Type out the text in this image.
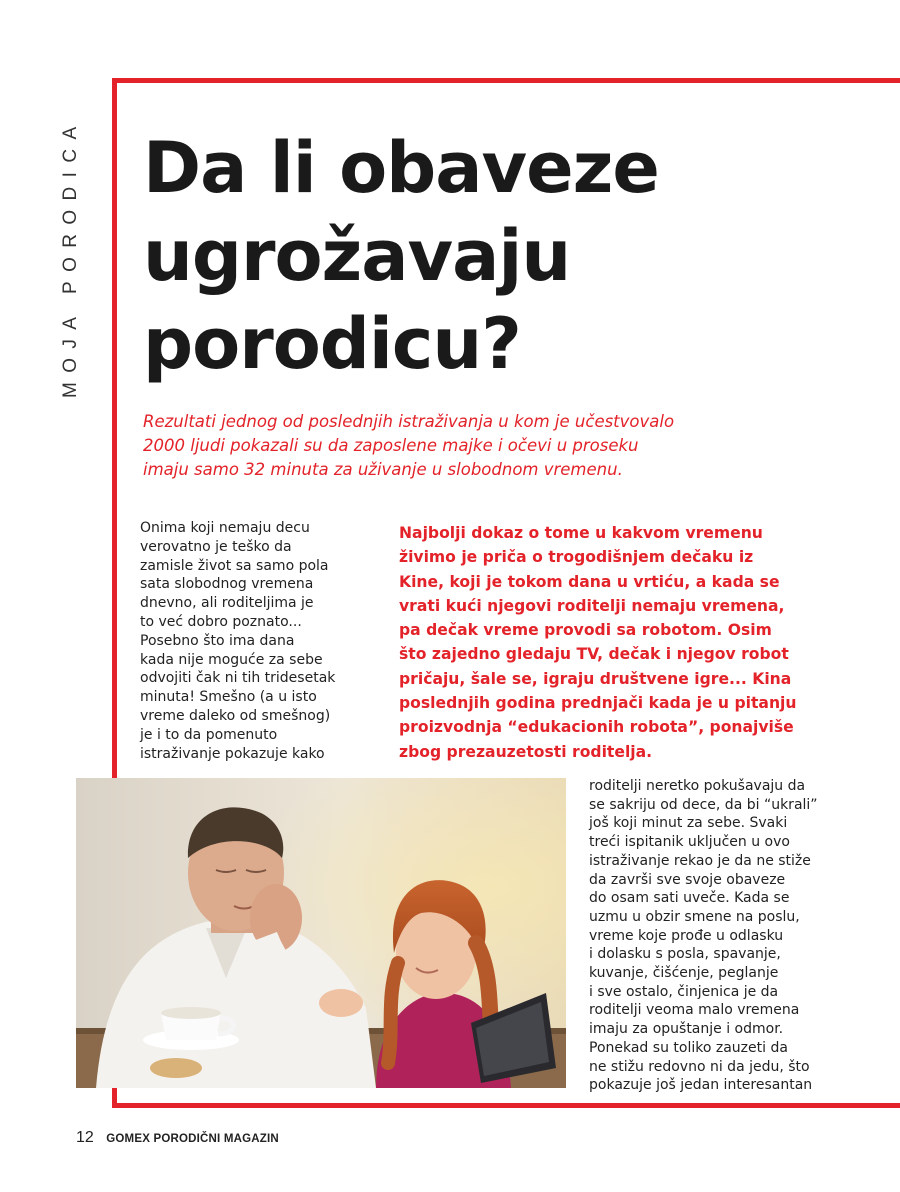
MOJA PORODICA Da li obaveze
ugrožavaju
porodicu?
Rezultati jednog od poslednjih istraživanja u kom je učestvovalo
2000 ljudi pokazali su da zaposlene majke i očevi u proseku
imaju samo 32 minuta za uživanje u slobodnom vremenu.
Onima koji nemaju decu
verovatno je teško da
zamisle život sa samo pola
sata slobodnog vremena
dnevno, ali roditeljima je
to već dobro poznato...
Posebno što ima dana
kada nije moguće za sebe
odvojiti čak ni tih tridesetak
minuta! Smešno (a u isto
vreme daleko od smešnog)
je i to da pomenuto
istraživanje pokazuje kako
Najbolji dokaz o tome u kakvom vremenu
živimo je priča o trogodišnjem dečaku iz
Kine, koji je tokom dana u vrtiću, a kada se
vrati kući njegovi roditelji nemaju vremena,
pa dečak vreme provodi sa robotom. Osim
što zajedno gledaju TV, dečak i njegov robot
pričaju, šale se, igraju društvene igre... Kina
poslednjih godina prednjači kada je u pitanju
proizvodnja “edukacionih robota”, ponajviše
zbog prezauzetosti roditelja.
roditelji neretko pokušavaju da
se sakriju od dece, da bi “ukrali”
još koji minut za sebe. Svaki
treći ispitanik uključen u ovo
istraživanje rekao je da ne stiže
da završi sve svoje obaveze
do osam sati uveče. Kada se
uzmu u obzir smene na poslu,
vreme koje prođe u odlasku
i dolasku s posla, spavanje,
kuvanje, čišćenje, peglanje
i sve ostalo, činjenica je da
roditelji veoma malo vremena
imaju za opuštanje i odmor.
Ponekad su toliko zauzeti da
ne stižu redovno ni da jedu, što
pokazuje još jedan interesantan
12 GOMEX PORODIČNI MAGAZIN
